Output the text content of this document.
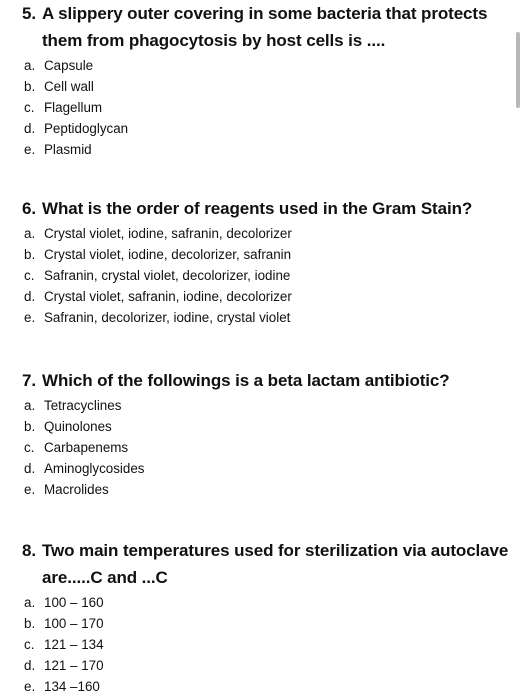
5. A slippery outer covering in some bacteria that protects them from phagocytosis by host cells is ....
a. Capsule
b. Cell wall
c. Flagellum
d. Peptidoglycan
e. Plasmid
6. What is the order of reagents used in the Gram Stain?
a. Crystal violet, iodine, safranin, decolorizer
b. Crystal violet, iodine, decolorizer, safranin
c. Safranin, crystal violet, decolorizer, iodine
d. Crystal violet, safranin, iodine, decolorizer
e. Safranin, decolorizer, iodine, crystal violet
7. Which of the followings is a beta lactam antibiotic?
a. Tetracyclines
b. Quinolones
c. Carbapenems
d. Aminoglycosides
e. Macrolides
8. Two main temperatures used for sterilization via autoclave are.....C and ...C
a. 100 – 160
b. 100 – 170
c. 121 – 134
d. 121 – 170
e. 134 –160
